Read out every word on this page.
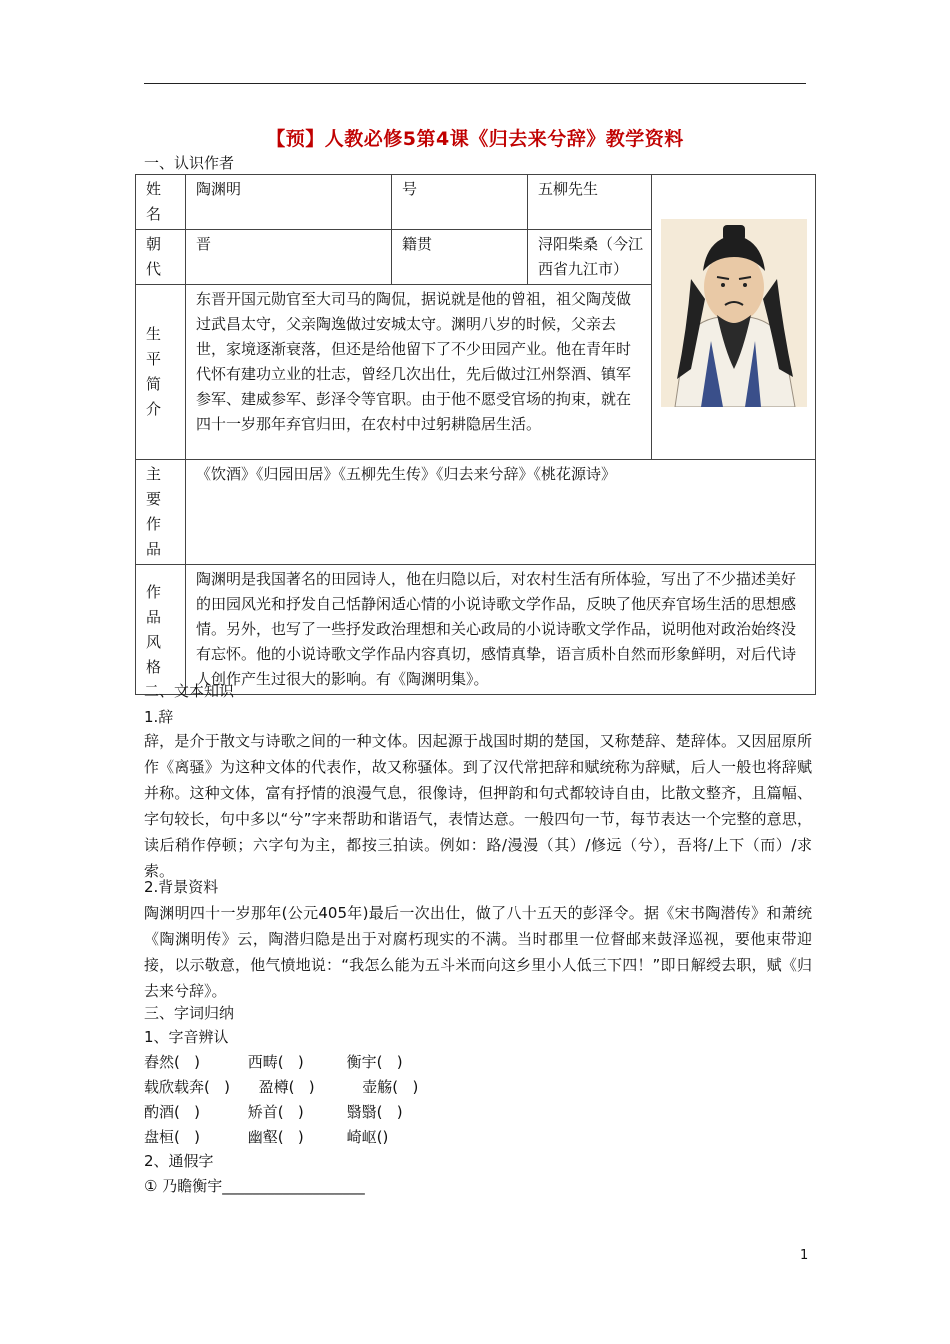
【预】人教必修5第4课《归去来兮辞》教学资料
一、认识作者
姓
名	陶渊明	号	五柳先生	

朝
代	晋	籍贯	浔阳柴桑（今江西省九江市）	

生
平
简
介	东晋开国元勋官至大司马的陶侃，据说就是他的曾祖，祖父陶茂做过武昌太守，父亲陶逸做过安城太守。渊明八岁的时候，父亲去世，家境逐渐衰落，但还是给他留下了不少田园产业。他在青年时代怀有建功立业的壮志，曾经几次出仕，先后做过江州祭酒、镇军参军、建威参军、彭泽令等官职。由于他不愿受官场的拘束，就在四十一岁那年弃官归田，在农村中过躬耕隐居生活。			

主
要
作
品	《饮酒》《归园田居》《五柳先生传》《归去来兮辞》《桃花源诗》			

作
品
风
格	陶渊明是我国著名的田园诗人，他在归隐以后，对农村生活有所体验，写出了不少描述美好的田园风光和抒发自己恬静闲适心情的小说诗歌文学作品，反映了他厌弃官场生活的思想感情。另外，也写了一些抒发政治理想和关心政局的小说诗歌文学作品，说明他对政治始终没有忘怀。他的小说诗歌文学作品内容真切，感情真挚，语言质朴自然而形象鲜明，对后代诗人创作产生过很大的影响。有《陶渊明集》。			
二、文本知识
1.辞
辞，是介于散文与诗歌之间的一种文体。因起源于战国时期的楚国，又称楚辞、楚辞体。又因屈原所作《离骚》为这种文体的代表作，故又称骚体。到了汉代常把辞和赋统称为辞赋，后人一般也将辞赋并称。这种文体，富有抒情的浪漫气息，很像诗，但押韵和句式都较诗自由，比散文整齐，且篇幅、字句较长，句中多以“兮”字来帮助和谐语气，表情达意。一般四句一节，每节表达一个完整的意思，读后稍作停顿；六字句为主，都按三拍读。例如：路/漫漫（其）/修远（兮），吾将/上下（而）/求索。
2.背景资料
陶渊明四十一岁那年(公元405年)最后一次出仕，做了八十五天的彭泽令。据《宋书陶潜传》和萧统《陶渊明传》云，陶潜归隐是出于对腐朽现实的不满。当时郡里一位督邮来鼓泽巡视，要他束带迎接，以示敬意，他气愤地说：“我怎么能为五斗米而向这乡里小人低三下四！”即日解绶去职，赋《归去来兮辞》。
三、字词归纳
1、字音辨认
舂然(   )          西畴(   )         衡宇(   )
载欣载奔(   )      盈樽(   )          壶觞(   )
酌酒(   )          矫首(   )         翳翳(   )
盘桓(   )          幽壑(   )         崎岖()
2、通假字
① 乃瞻衡宇___________________
1
